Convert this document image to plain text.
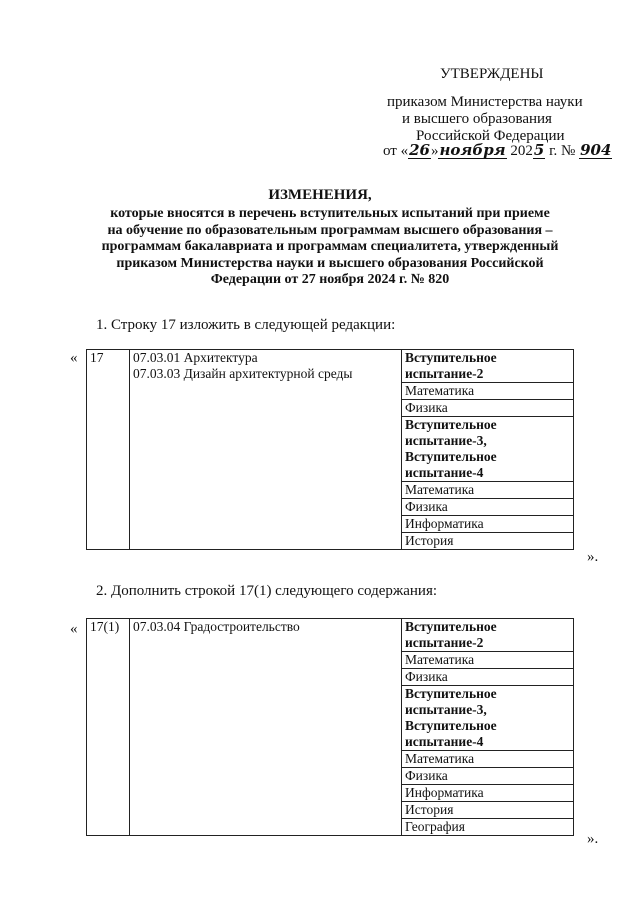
УТВЕРЖДЕНЫ
приказом Министерства науки
и высшего образования
Российской Федерации
от «26»ноября 2025 г. № 904
ИЗМЕНЕНИЯ,
которые вносятся в перечень вступительных испытаний при приеме
на обучение по образовательным программам высшего образования –
программам бакалавриата и программам специалитета, утвержденный
приказом Министерства науки и высшего образования Российской
Федерации от 27 ноября 2024 г. № 820
1. Строку 17 изложить в следующей редакции:
«
».
17	07.03.01 Архитектура
07.03.03 Дизайн архитектурной среды
	Вступительное испытание-2
Математика
Физика
Вступительное испытание-3, Вступительное испытание-4
Математика
Физика
Информатика
История
2. Дополнить строкой 17(1) следующего содержания:
«
».
17(1)	07.03.04 Градостроительство	Вступительное испытание-2
Математика
Физика
Вступительное испытание-3, Вступительное испытание-4
Математика
Физика
Информатика
История
География
